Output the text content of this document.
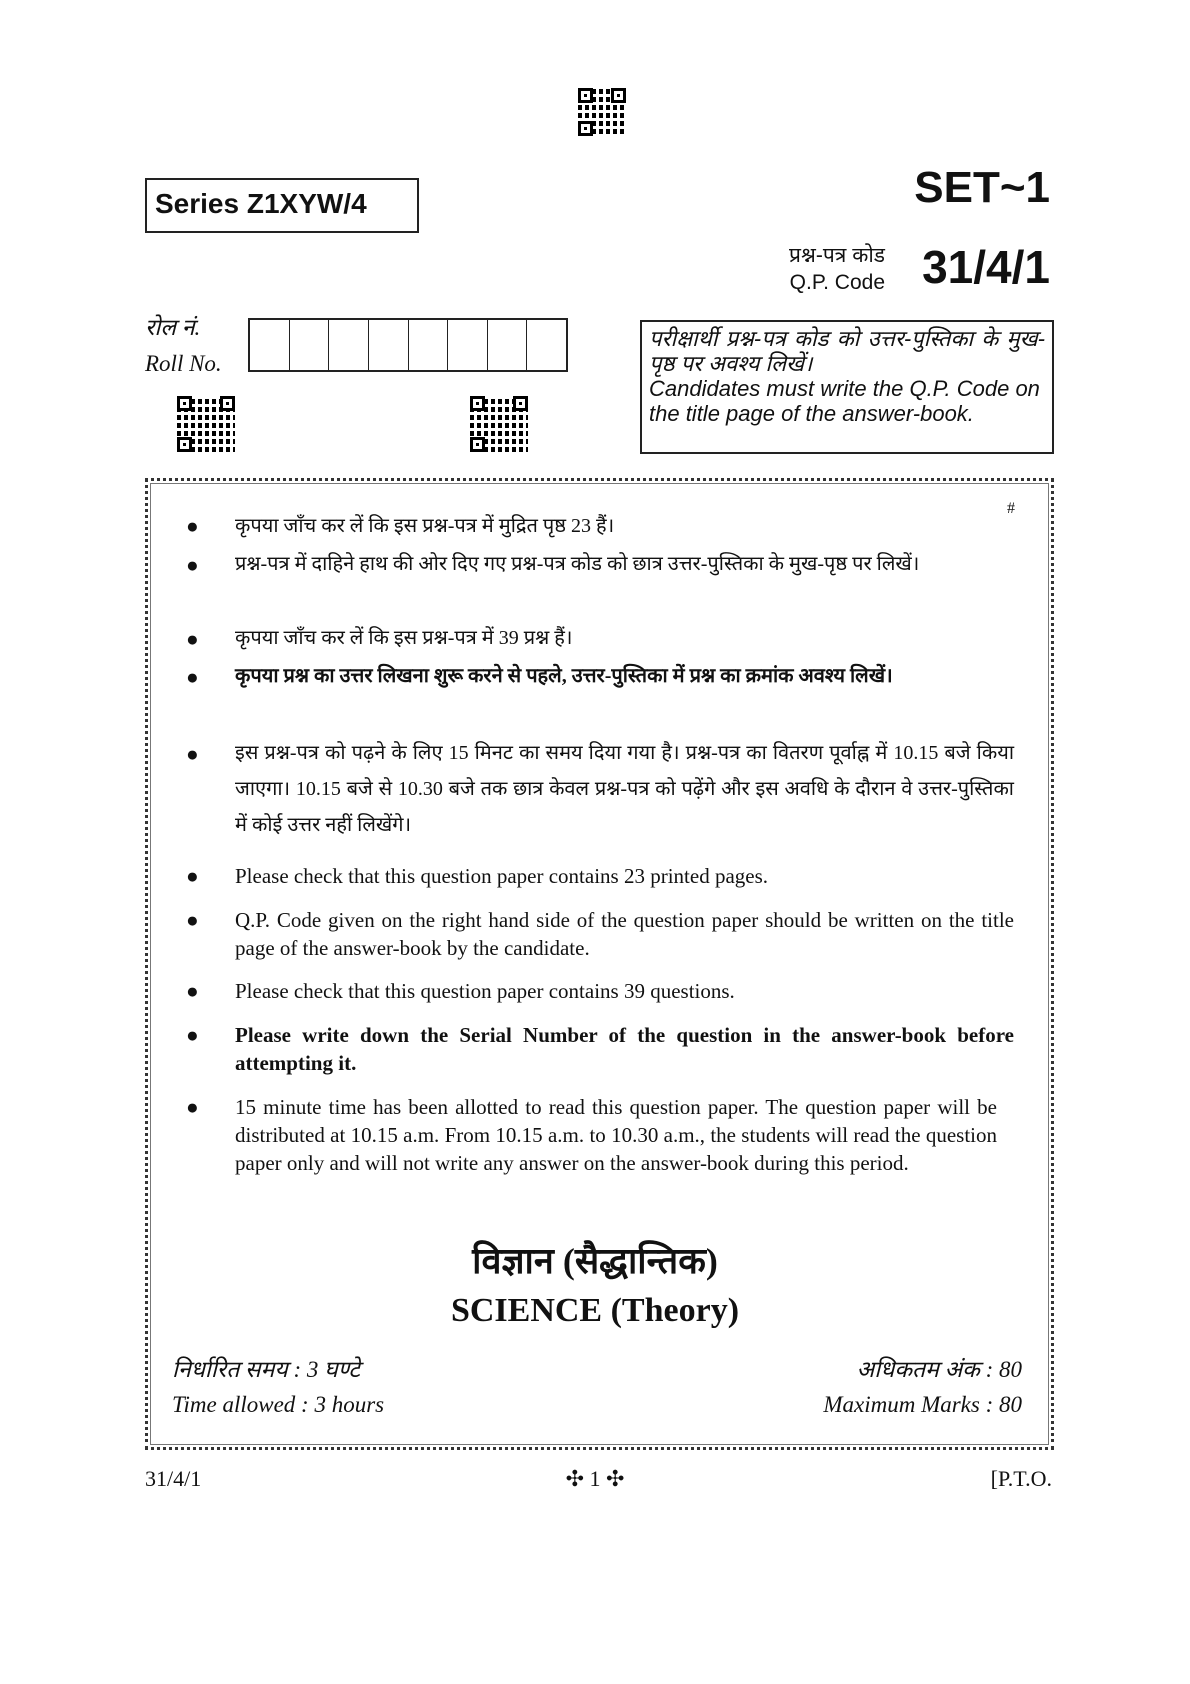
Series Z1XYW/4	SET~1
प्रश्न-पत्र कोड
Q.P. Code 31/4/1
रोल नं.
Roll No.
परीक्षार्थी प्रश्न-पत्र कोड को उत्तर-पुस्तिका के मुख-पृष्ठ पर अवश्य लिखें।
Candidates must write the Q.P. Code on the title page of the answer-book.
#
● कृपया जाँच कर लें कि इस प्रश्न-पत्र में मुद्रित पृष्ठ 23 हैं।
● प्रश्न-पत्र में दाहिने हाथ की ओर दिए गए प्रश्न-पत्र कोड को छात्र उत्तर-पुस्तिका के मुख-पृष्ठ पर लिखें।
● कृपया जाँच कर लें कि इस प्रश्न-पत्र में 39 प्रश्न हैं।
● कृपया प्रश्न का उत्तर लिखना शुरू करने से पहले, उत्तर-पुस्तिका में प्रश्न का क्रमांक अवश्य लिखें।
● इस प्रश्न-पत्र को पढ़ने के लिए 15 मिनट का समय दिया गया है। प्रश्न-पत्र का वितरण पूर्वाह्न में 10.15 बजे किया जाएगा। 10.15 बजे से 10.30 बजे तक छात्र केवल प्रश्न-पत्र को पढ़ेंगे और इस अवधि के दौरान वे उत्तर-पुस्तिका में कोई उत्तर नहीं लिखेंगे।
● Please check that this question paper contains 23 printed pages.
● Q.P. Code given on the right hand side of the question paper should be written on the title page of the answer-book by the candidate.
● Please check that this question paper contains 39 questions.
● Please write down the Serial Number of the question in the answer-book before attempting it.
● 15 minute time has been allotted to read this question paper. The question paper will be distributed at 10.15 a.m. From 10.15 a.m. to 10.30 a.m., the students will read the question paper only and will not write any answer on the answer-book during this period.
विज्ञान (सैद्धान्तिक)
SCIENCE (Theory)
निर्धारित समय : 3 घण्टे
Time allowed : 3 hours
अधिकतम अंक : 80
Maximum Marks : 80
31/4/1	✣ 1 ✣	[P.T.O.
